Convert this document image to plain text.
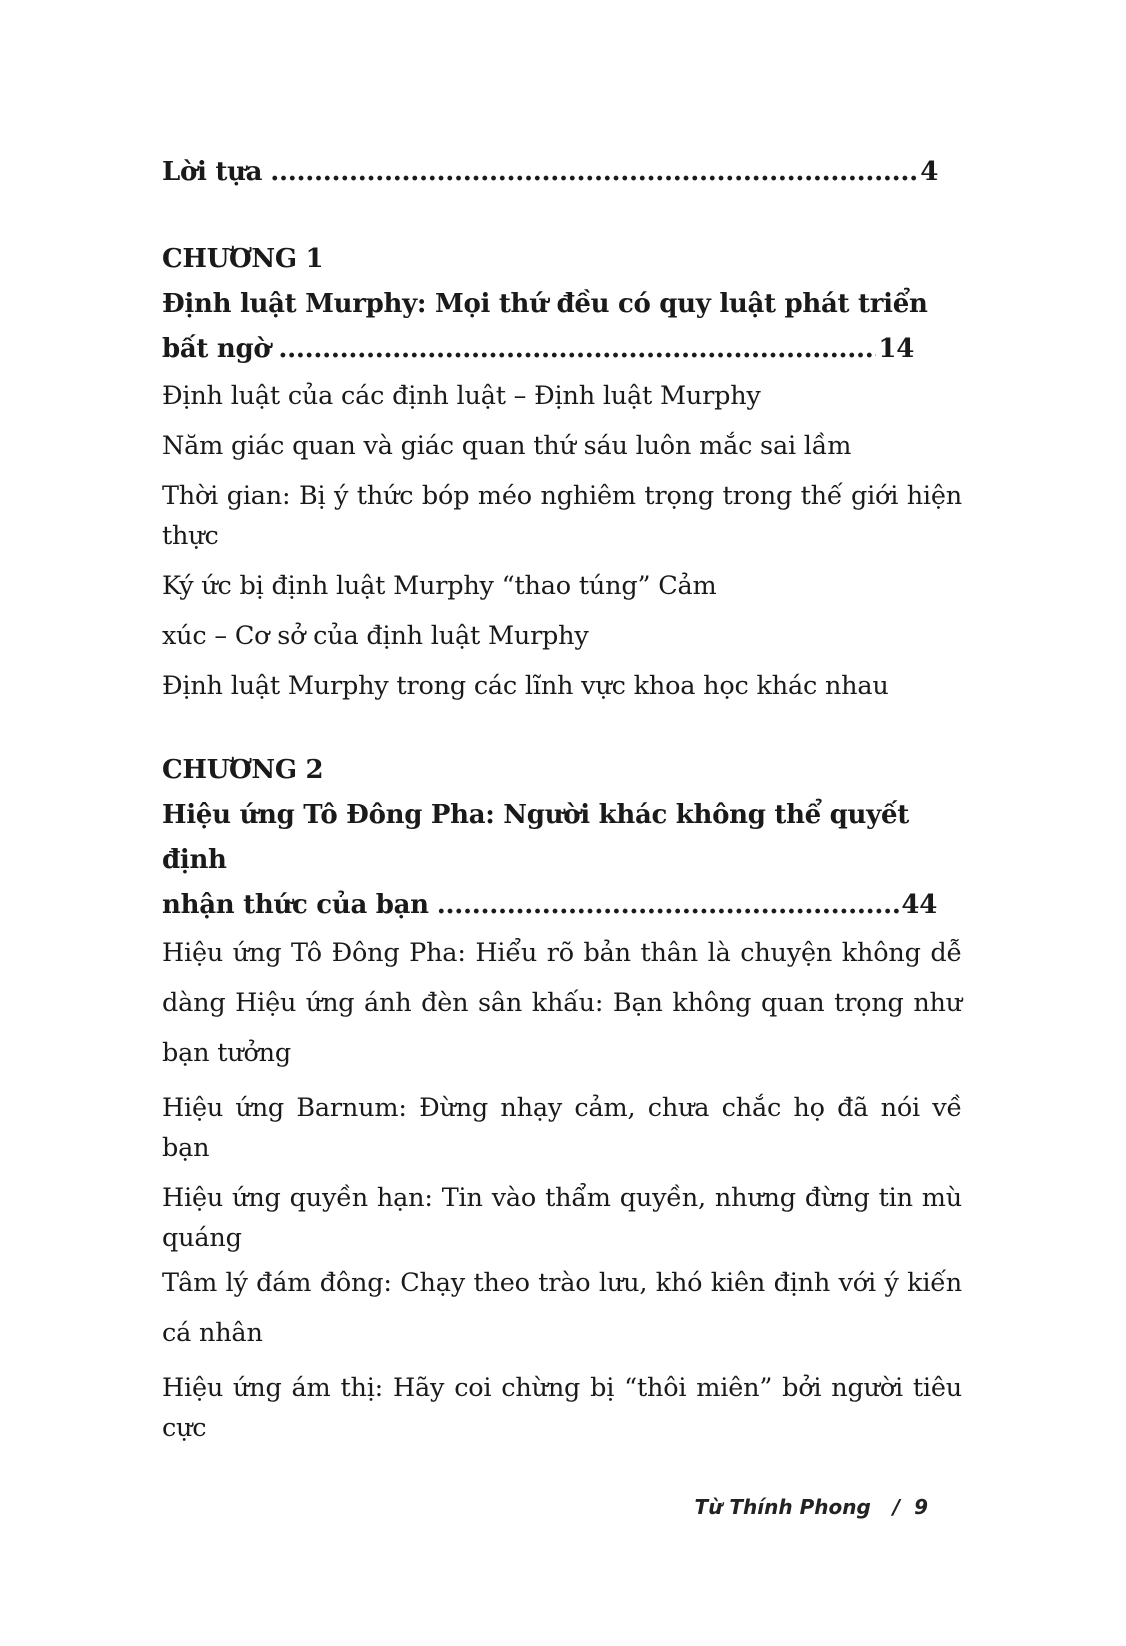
Lời tựa .....	4
CHƯƠNG 1
Định luật Murphy: Mọi thứ đều có quy luật phát triển
bất ngờ .....	14
Định luật của các định luật – Định luật Murphy
Năm giác quan và giác quan thứ sáu luôn mắc sai lầm
Thời gian: Bị ý thức bóp méo nghiêm trọng trong thế giới hiện thực
Ký ức bị định luật Murphy “thao túng” Cảm
xúc – Cơ sở của định luật Murphy
Định luật Murphy trong các lĩnh vực khoa học khác nhau
CHƯƠNG 2
Hiệu ứng Tô Đông Pha: Người khác không thể quyết định
nhận thức của bạn .....	44
Hiệu ứng Tô Đông Pha: Hiểu rõ bản thân là chuyện không dễ dàng Hiệu ứng ánh đèn sân khấu: Bạn không quan trọng như bạn tưởng
Hiệu ứng Barnum: Đừng nhạy cảm, chưa chắc họ đã nói về bạn
Hiệu ứng quyền hạn: Tin vào thẩm quyền, nhưng đừng tin mù quáng
Tâm lý đám đông: Chạy theo trào lưu, khó kiên định với ý kiến cá nhân
Hiệu ứng ám thị: Hãy coi chừng bị “thôi miên” bởi người tiêu cực
Từ Thính Phong / 9
